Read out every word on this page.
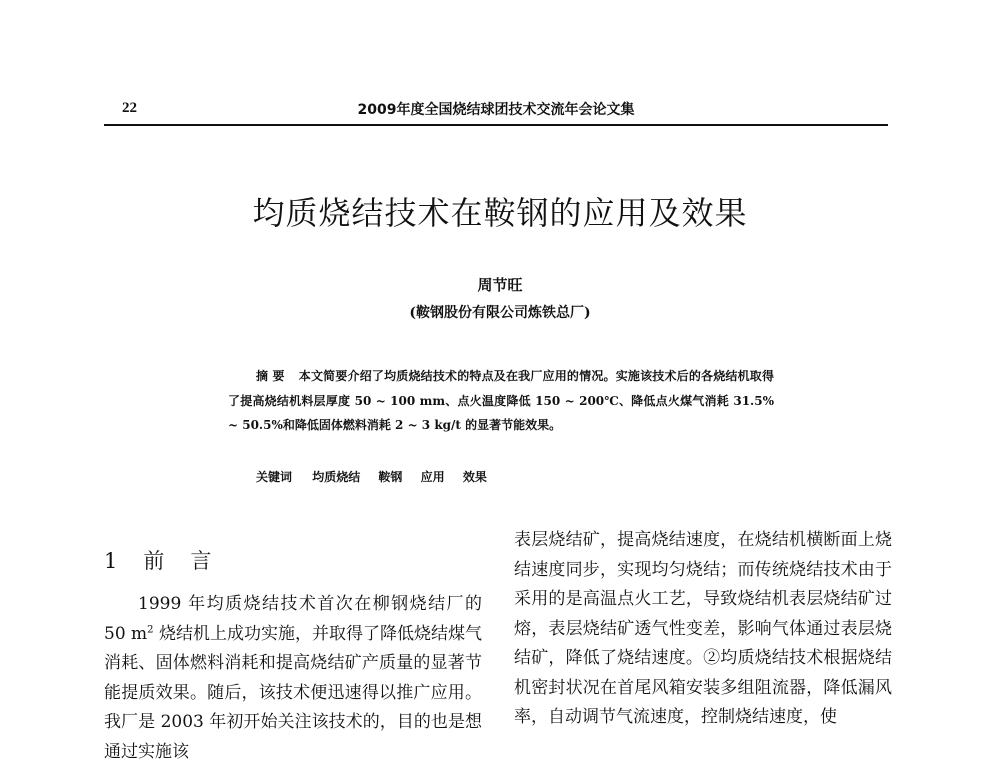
22	2009年度全国烧结球团技术交流年会论文集
均质烧结技术在鞍钢的应用及效果
周节旺
(鞍钢股份有限公司炼铁总厂)

摘 要 本文简要介绍了均质烧结技术的特点及在我厂应用的情况。实施该技术后的各烧结机取得了提高烧结机料层厚度 50 ~ 100 mm、点火温度降低 150 ~ 200℃、降低点火煤气消耗 31.5% ~ 50.5%和降低固体燃料消耗 2 ~ 3 kg/t 的显著节能效果。

关键词 均质烧结 鞍钢 应用 效果
1 前 言

1999 年均质烧结技术首次在柳钢烧结厂的 50 $m^2$ 烧结机上成功实施，并取得了降低烧结煤气消耗、固体燃料消耗和提高烧结矿产质量的显著节能提质效果。随后，该技术便迅速得以推广应用。我厂是 2003 年初开始关注该技术的，目的也是想通过实施该

表层烧结矿，提高烧结速度，在烧结机横断面上烧结速度同步，实现均匀烧结；而传统烧结技术由于采用的是高温点火工艺，导致烧结机表层烧结矿过熔，表层烧结矿透气性变差，影响气体通过表层烧结矿，降低了烧结速度。②均质烧结技术根据烧结机密封状况在首尾风箱安装多组阻流器，降低漏风率，自动调节气流速度，控制烧结速度，使
